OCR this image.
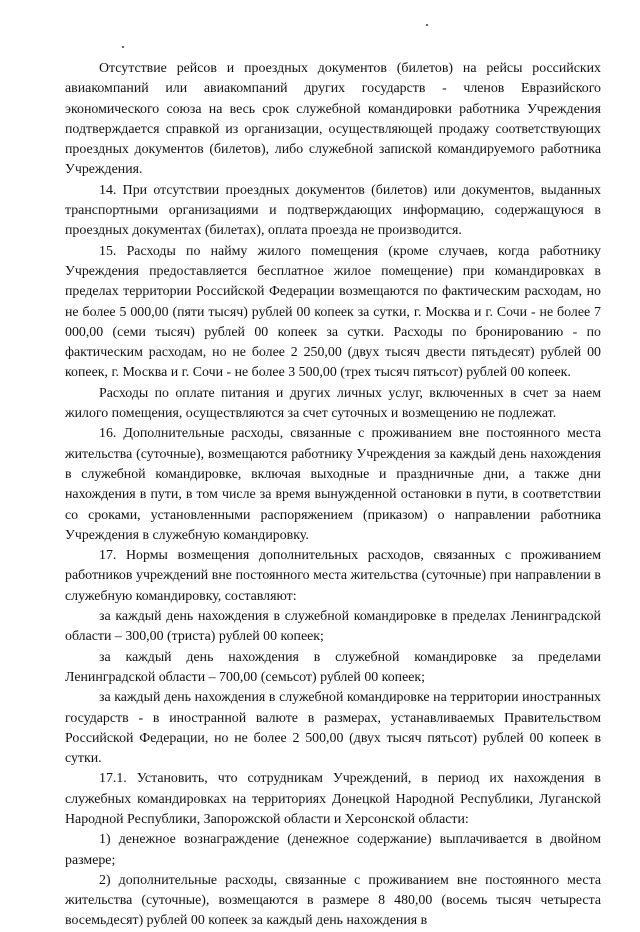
Отсутствие рейсов и проездных документов (билетов) на рейсы российских авиакомпаний или авиакомпаний других государств - членов Евразийского экономического союза на весь срок служебной командировки работника Учреждения подтверждается справкой из организации, осуществляющей продажу соответствующих проездных документов (билетов), либо служебной запиской командируемого работника Учреждения.

14. При отсутствии проездных документов (билетов) или документов, выданных транспортными организациями и подтверждающих информацию, содержащуюся в проездных документах (билетах), оплата проезда не производится.

15. Расходы по найму жилого помещения (кроме случаев, когда работнику Учреждения предоставляется бесплатное жилое помещение) при командировках в пределах территории Российской Федерации возмещаются по фактическим расходам, но не более 5 000,00 (пяти тысяч) рублей 00 копеек за сутки, г. Москва и г. Сочи - не более 7 000,00 (семи тысяч) рублей 00 копеек за сутки. Расходы по бронированию - по фактическим расходам, но не более 2 250,00 (двух тысяч двести пятьдесят) рублей 00 копеек, г. Москва и г. Сочи - не более 3 500,00 (трех тысяч пятьсот) рублей 00 копеек.

Расходы по оплате питания и других личных услуг, включенных в счет за наем жилого помещения, осуществляются за счет суточных и возмещению не подлежат.

16. Дополнительные расходы, связанные с проживанием вне постоянного места жительства (суточные), возмещаются работнику Учреждения за каждый день нахождения в служебной командировке, включая выходные и праздничные дни, а также дни нахождения в пути, в том числе за время вынужденной остановки в пути, в соответствии со сроками, установленными распоряжением (приказом) о направлении работника Учреждения в служебную командировку.

17. Нормы возмещения дополнительных расходов, связанных с проживанием работников учреждений вне постоянного места жительства (суточные) при направлении в служебную командировку, составляют:

за каждый день нахождения в служебной командировке в пределах Ленинградской области – 300,00 (триста) рублей 00 копеек;

за каждый день нахождения в служебной командировке за пределами Ленинградской области – 700,00 (семьсот) рублей 00 копеек;

за каждый день нахождения в служебной командировке на территории иностранных государств - в иностранной валюте в размерах, устанавливаемых Правительством Российской Федерации, но не более 2 500,00 (двух тысяч пятьсот) рублей 00 копеек в сутки.

17.1. Установить, что сотрудникам Учреждений, в период их нахождения в служебных командировках на территориях Донецкой Народной Республики, Луганской Народной Республики, Запорожской области и Херсонской области:

1) денежное вознаграждение (денежное содержание) выплачивается в двойном размере;

2) дополнительные расходы, связанные с проживанием вне постоянного места жительства (суточные), возмещаются в размере 8 480,00 (восемь тысяч четыреста восемьдесят) рублей 00 копеек за каждый день нахождения в
